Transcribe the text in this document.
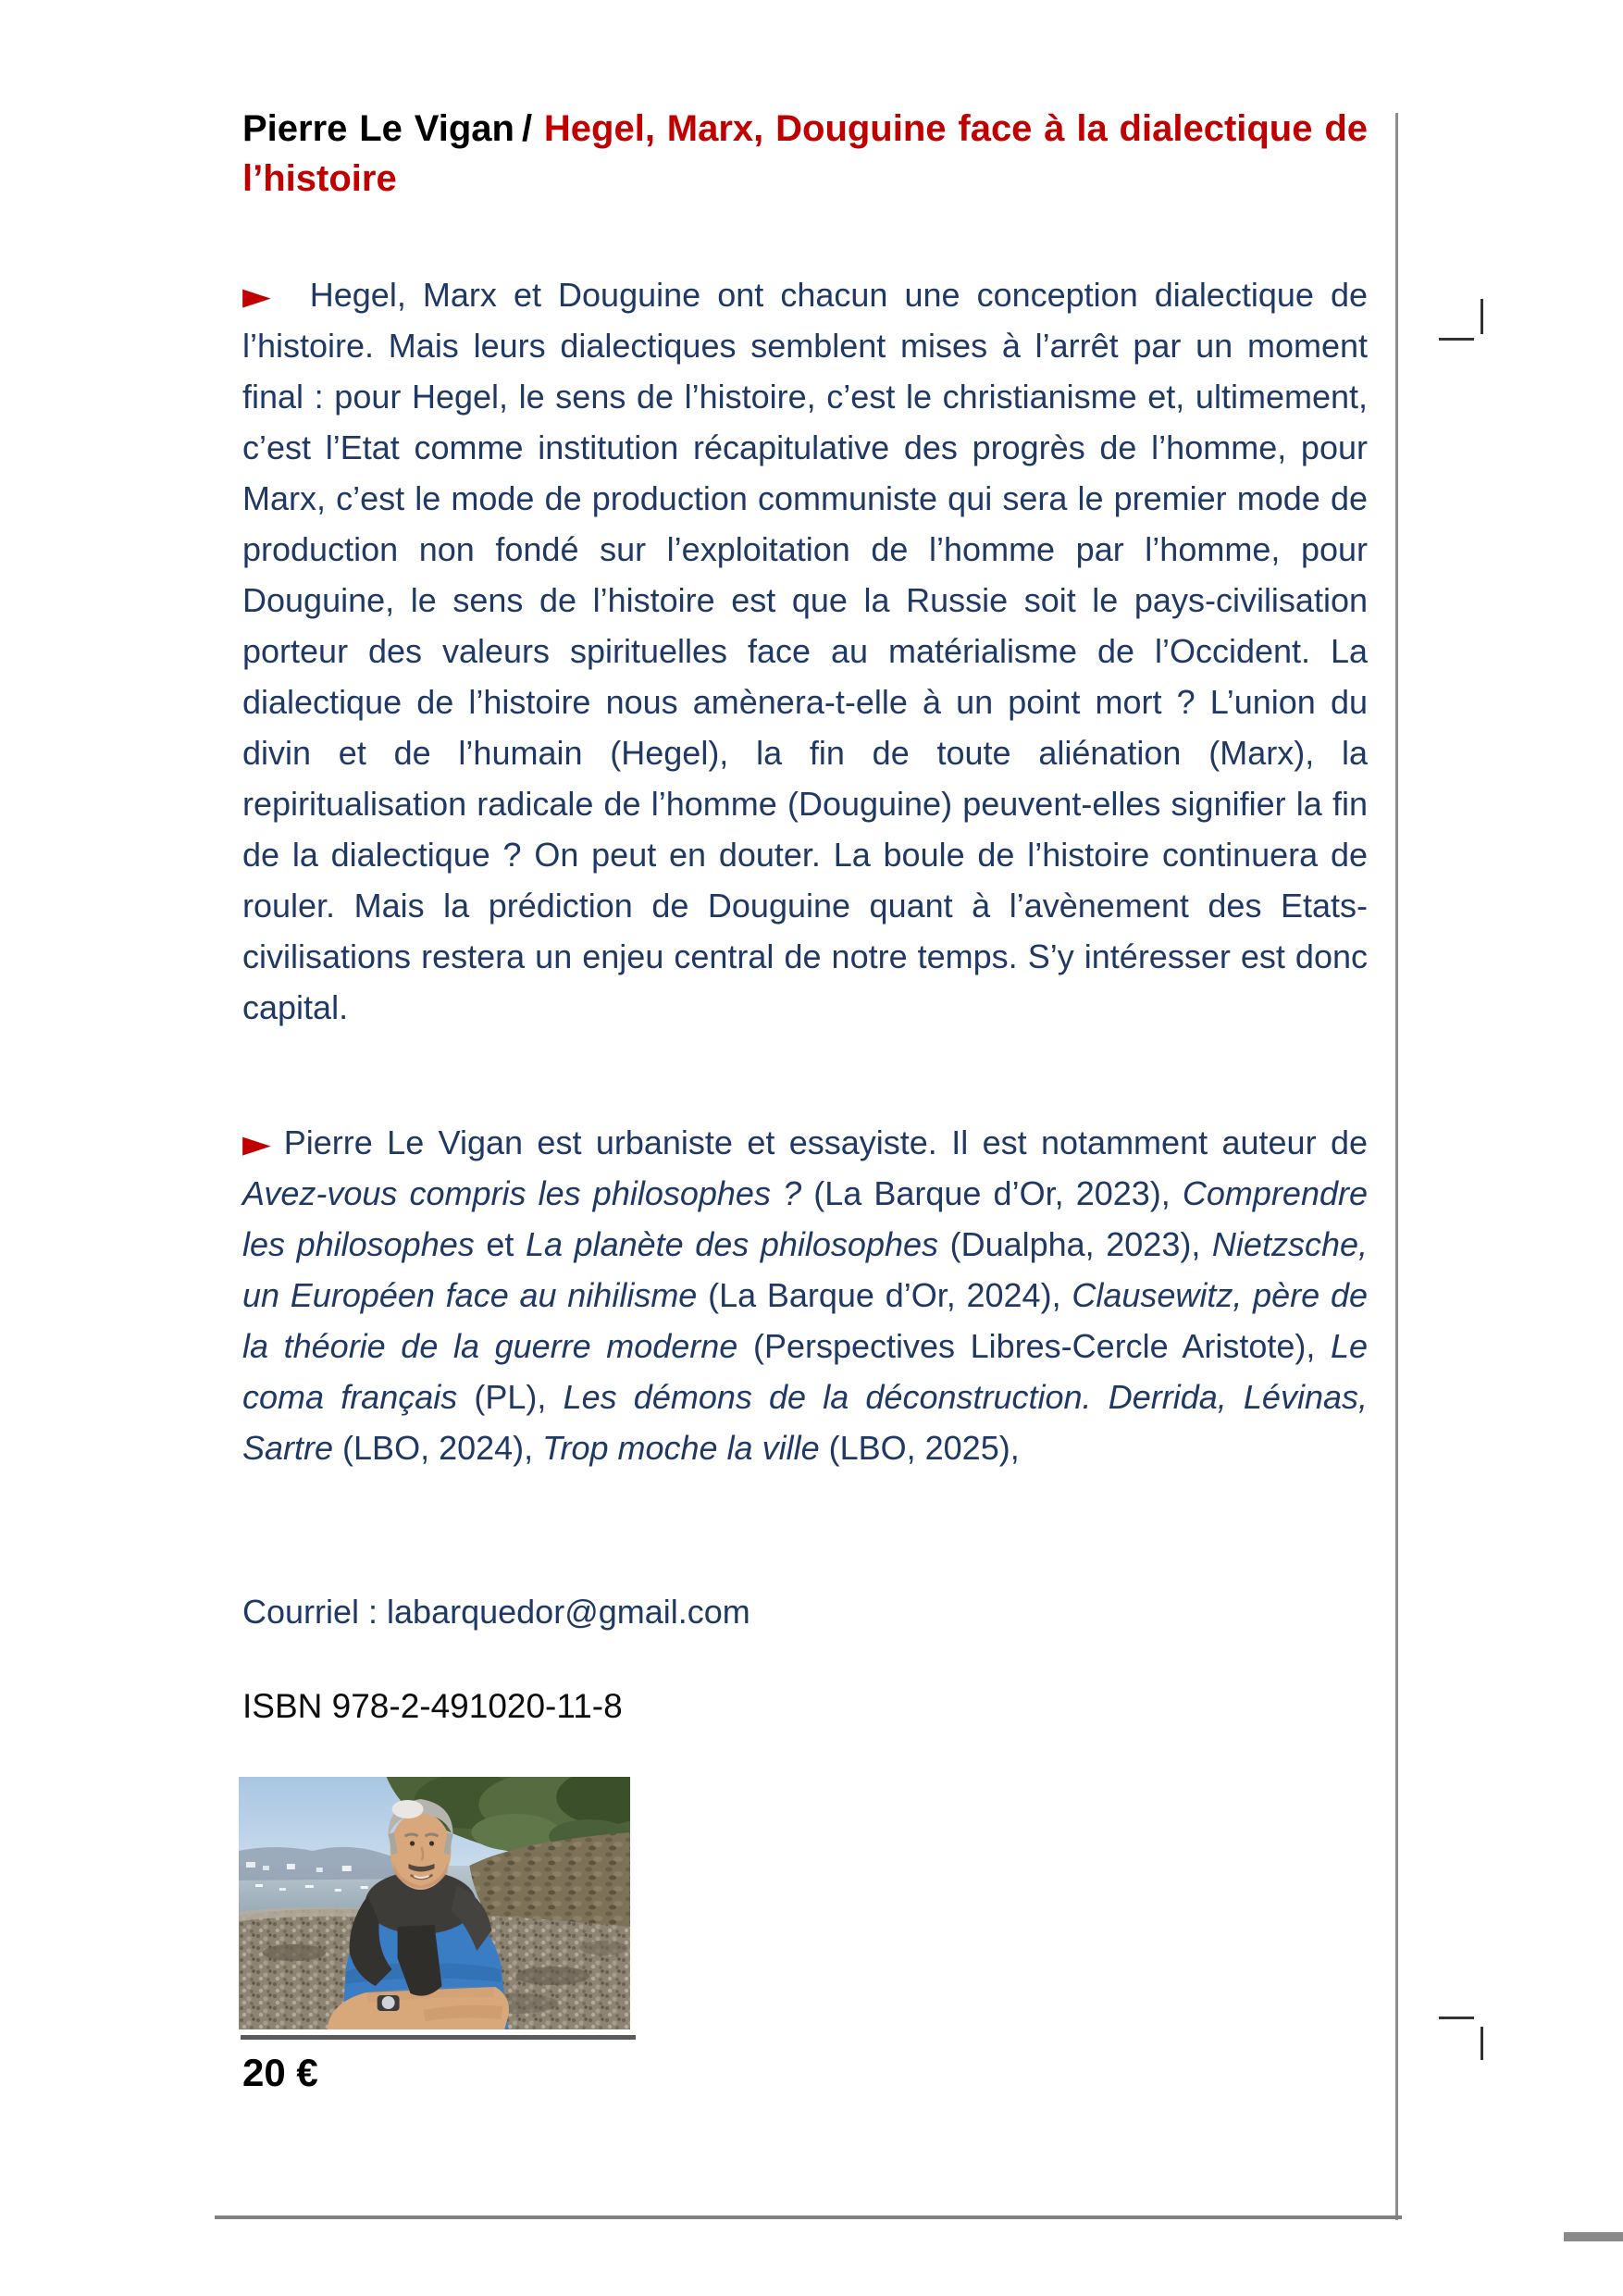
Pierre Le Vigan / Hegel, Marx, Douguine face à la dialectique de l’histoire

► Hegel, Marx et Douguine ont chacun une conception dialectique de l’histoire. Mais leurs dialectiques semblent mises à l’arrêt par un moment final : pour Hegel, le sens de l’histoire, c’est le christianisme et, ultimement, c’est l’Etat comme institution récapitulative des progrès de l’homme, pour Marx, c’est le mode de production communiste qui sera le premier mode de production non fondé sur l’exploitation de l’homme par l’homme, pour Douguine, le sens de l’histoire est que la Russie soit le pays-civilisation porteur des valeurs spirituelles face au matérialisme de l’Occident. La dialectique de l’histoire nous amènera-t-elle à un point mort ? L’union du divin et de l’humain (Hegel), la fin de toute aliénation (Marx), la repiritualisation radicale de l’homme (Douguine) peuvent-elles signifier la fin de la dialectique ? On peut en douter. La boule de l’histoire continuera de rouler. Mais la prédiction de Douguine quant à l’avènement des Etats-civilisations restera un enjeu central de notre temps. S’y intéresser est donc capital.

► Pierre Le Vigan est urbaniste et essayiste. Il est notamment auteur de Avez-vous compris les philosophes ? (La Barque d’Or, 2023), Comprendre les philosophes et La planète des philosophes (Dualpha, 2023), Nietzsche, un Européen face au nihilisme (La Barque d’Or, 2024), Clausewitz, père de la théorie de la guerre moderne (Perspectives Libres-Cercle Aristote), Le coma français (PL), Les démons de la déconstruction. Derrida, Lévinas, Sartre (LBO, 2024), Trop moche la ville (LBO, 2025),

Courriel : labarquedor@gmail.com

ISBN 978-2-491020-11-8

20 €
